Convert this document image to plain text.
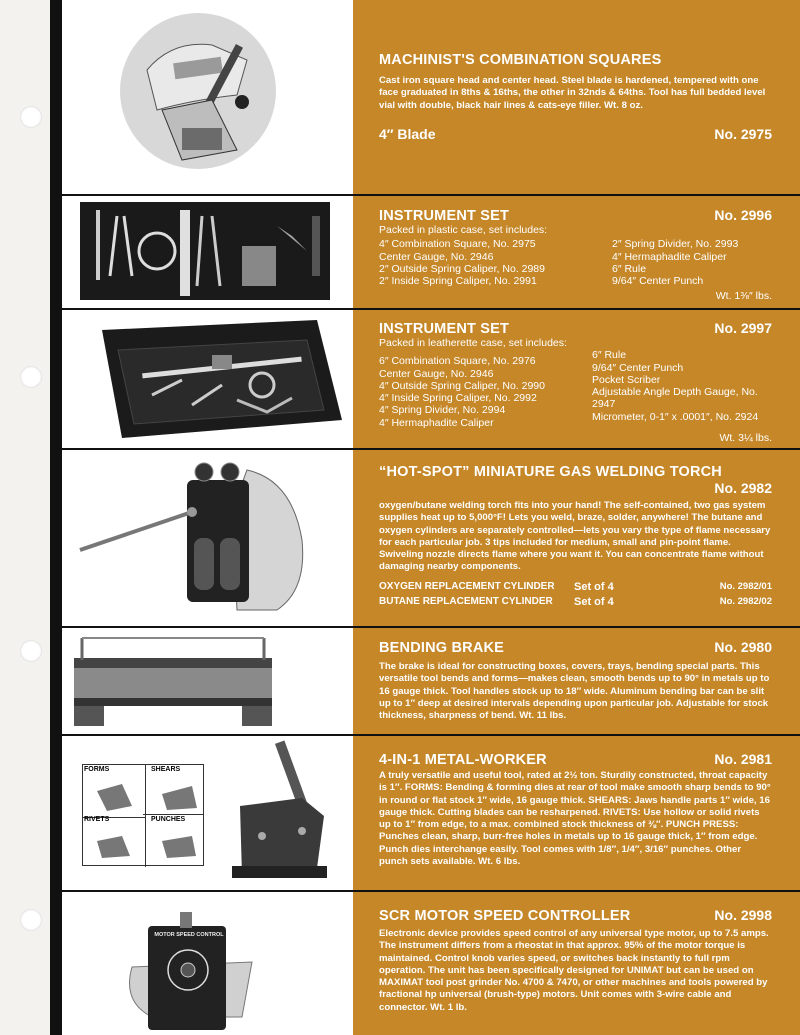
MACHINIST'S COMBINATION SQUARES
Cast iron square head and center head. Steel blade is hardened, tempered with one face graduated in 8ths & 16ths, the other in 32nds & 64ths. Tool has full bedded level vial with double, black hair lines & cats-eye filler. Wt. 8 oz.
4″ Blade	No. 2975
INSTRUMENT SET	No. 2996
Packed in plastic case, set includes:
4″ Combination Square, No. 2975
Center Gauge, No. 2946
2″ Outside Spring Caliper, No. 2989
2″ Inside Spring Caliper, No. 2991
2″ Spring Divider, No. 2993
4″ Hermaphadite Caliper
6″ Rule
9/64″ Center Punch
Wt. 1⅜″ lbs.
INSTRUMENT SET	No. 2997
Packed in leatherette case, set includes:
6″ Combination Square, No. 2976
Center Gauge, No. 2946
4″ Outside Spring Caliper, No. 2990
4″ Inside Spring Caliper, No. 2992
4″ Spring Divider, No. 2994
4″ Hermaphadite Caliper
6″ Rule
9/64″ Center Punch
Pocket Scriber
Adjustable Angle Depth Gauge, No. 2947
Micrometer, 0-1″ x .0001″, No. 2924
Wt. 3¼ lbs.
“HOT-SPOT” MINIATURE GAS WELDING TORCH
No. 2982
oxygen/butane welding torch fits into your hand! The self-contained, two gas system supplies heat up to 5,000°F! Lets you weld, braze, solder, anywhere! The butane and oxygen cylinders are separately controlled—lets you vary the type of flame necessary for each particular job. 3 tips included for medium, small and pin-point flame. Swiveling nozzle directs flame where you want it. You can concentrate flame without damaging nearby components.
OXYGEN REPLACEMENT CYLINDER	Set of 4	No. 2982/01
BUTANE REPLACEMENT CYLINDER	Set of 4	No. 2982/02
BENDING BRAKE	No. 2980
The brake is ideal for constructing boxes, covers, trays, bending special parts. This versatile tool bends and forms—makes clean, smooth bends up to 90° in metals up to 16 gauge thick. Tool handles stock up to 18″ wide. Aluminum bending bar can be slit up to 1″ deep at desired intervals depending upon particular job. Adjustable for stock thickness, sharpness of bend. Wt. 11 lbs.
FORMS	SHEARS
RIVETS	PUNCHES
4-IN-1 METAL-WORKER	No. 2981
A truly versatile and useful tool, rated at 2½ ton. Sturdily constructed, throat capacity is 1″. FORMS: Bending & forming dies at rear of tool make smooth sharp bends to 90° in round or flat stock 1″ wide, 16 gauge thick. SHEARS: Jaws handle parts 1″ wide, 16 gauge thick. Cutting blades can be resharpened. RIVETS: Use hollow or solid rivets up to 1″ from edge, to a max. combined stock thickness of ⅜″. PUNCH PRESS: Punches clean, sharp, burr-free holes in metals up to 16 gauge thick, 1″ from edge. Punch dies interchange easily. Tool comes with 1/8″, 1/4″, 3/16″ punches. Other punch sets available. Wt. 6 lbs.
MOTOR SPEED CONTROL
SCR MOTOR SPEED CONTROLLER	No. 2998
Electronic device provides speed control of any universal type motor, up to 7.5 amps. The instrument differs from a rheostat in that approx. 95% of the motor torque is maintained. Control knob varies speed, or switches back instantly to full rpm operation. The unit has been specifically designed for UNIMAT but can be used on MAXIMAT tool post grinder No. 4700 & 7470, or other machines and tools powered by fractional hp universal (brush-type) motors. Unit comes with 3-wire cable and connector. Wt. 1 lb.
